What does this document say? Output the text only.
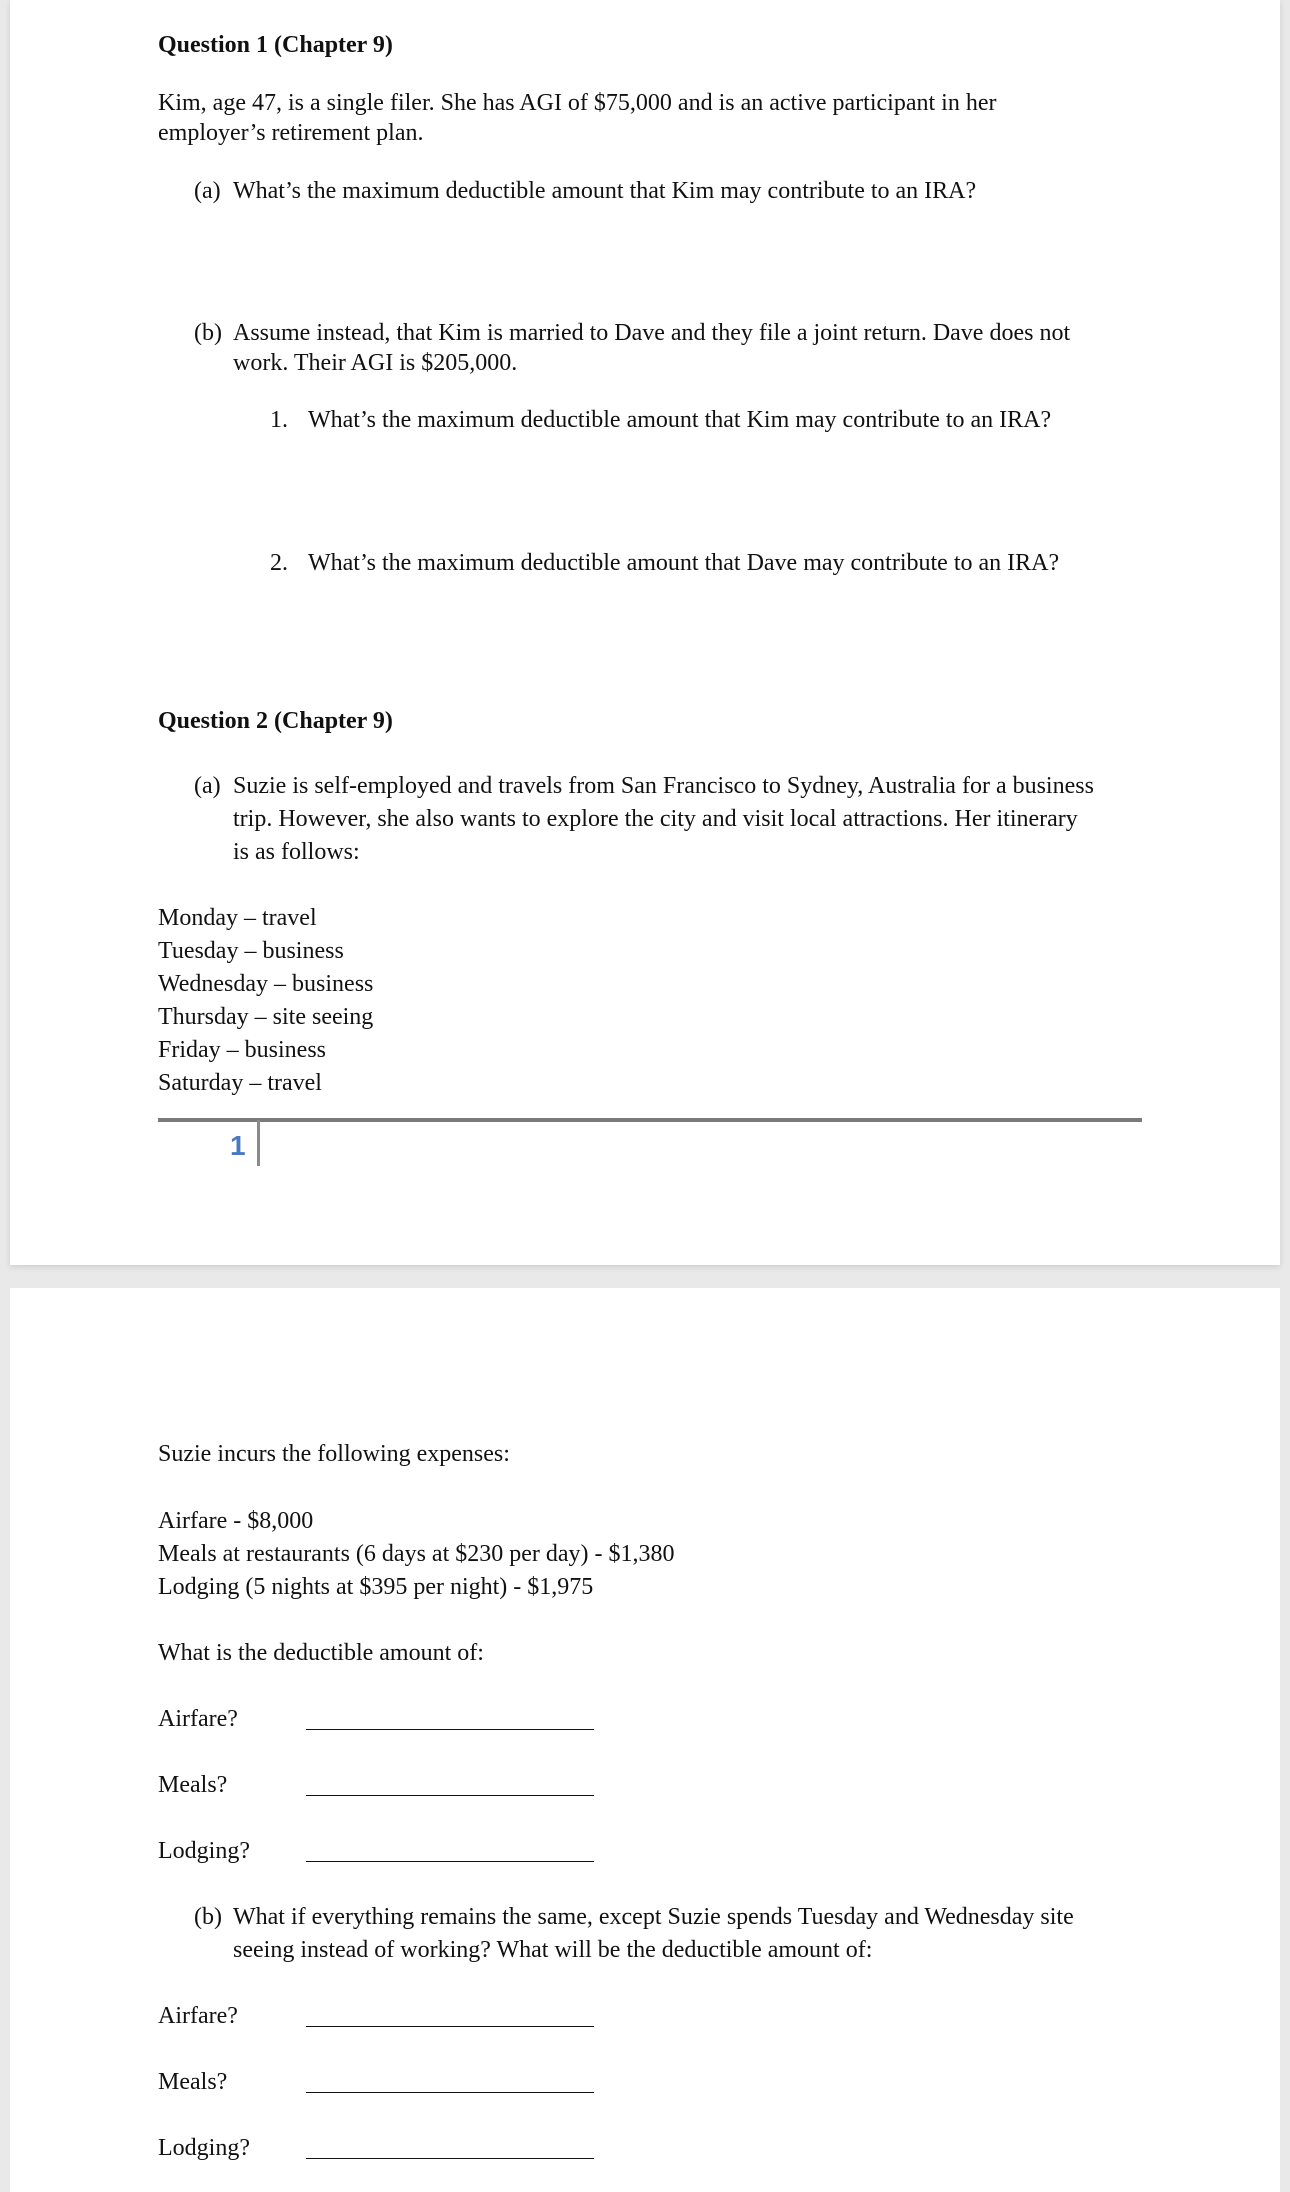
Question 1 (Chapter 9)

Kim, age 47, is a single filer. She has AGI of $75,000 and is an active participant in her

employer’s retirement plan.

(a) What’s the maximum deductible amount that Kim may contribute to an IRA?

(b) Assume instead, that Kim is married to Dave and they file a joint return. Dave does not

work. Their AGI is $205,000.

1. What’s the maximum deductible amount that Kim may contribute to an IRA?

2. What’s the maximum deductible amount that Dave may contribute to an IRA?

Question 2 (Chapter 9)

(a) Suzie is self-employed and travels from San Francisco to Sydney, Australia for a business

trip. However, she also wants to explore the city and visit local attractions. Her itinerary

is as follows:

Monday – travel

Tuesday – business

Wednesday – business

Thursday – site seeing

Friday – business

Saturday – travel

1

Suzie incurs the following expenses:

Airfare - $8,000

Meals at restaurants (6 days at $230 per day) - $1,380

Lodging (5 nights at $395 per night) - $1,975

What is the deductible amount of:

Airfare?

Meals?

Lodging?

(b) What if everything remains the same, except Suzie spends Tuesday and Wednesday site

seeing instead of working? What will be the deductible amount of:

Airfare?

Meals?

Lodging?
